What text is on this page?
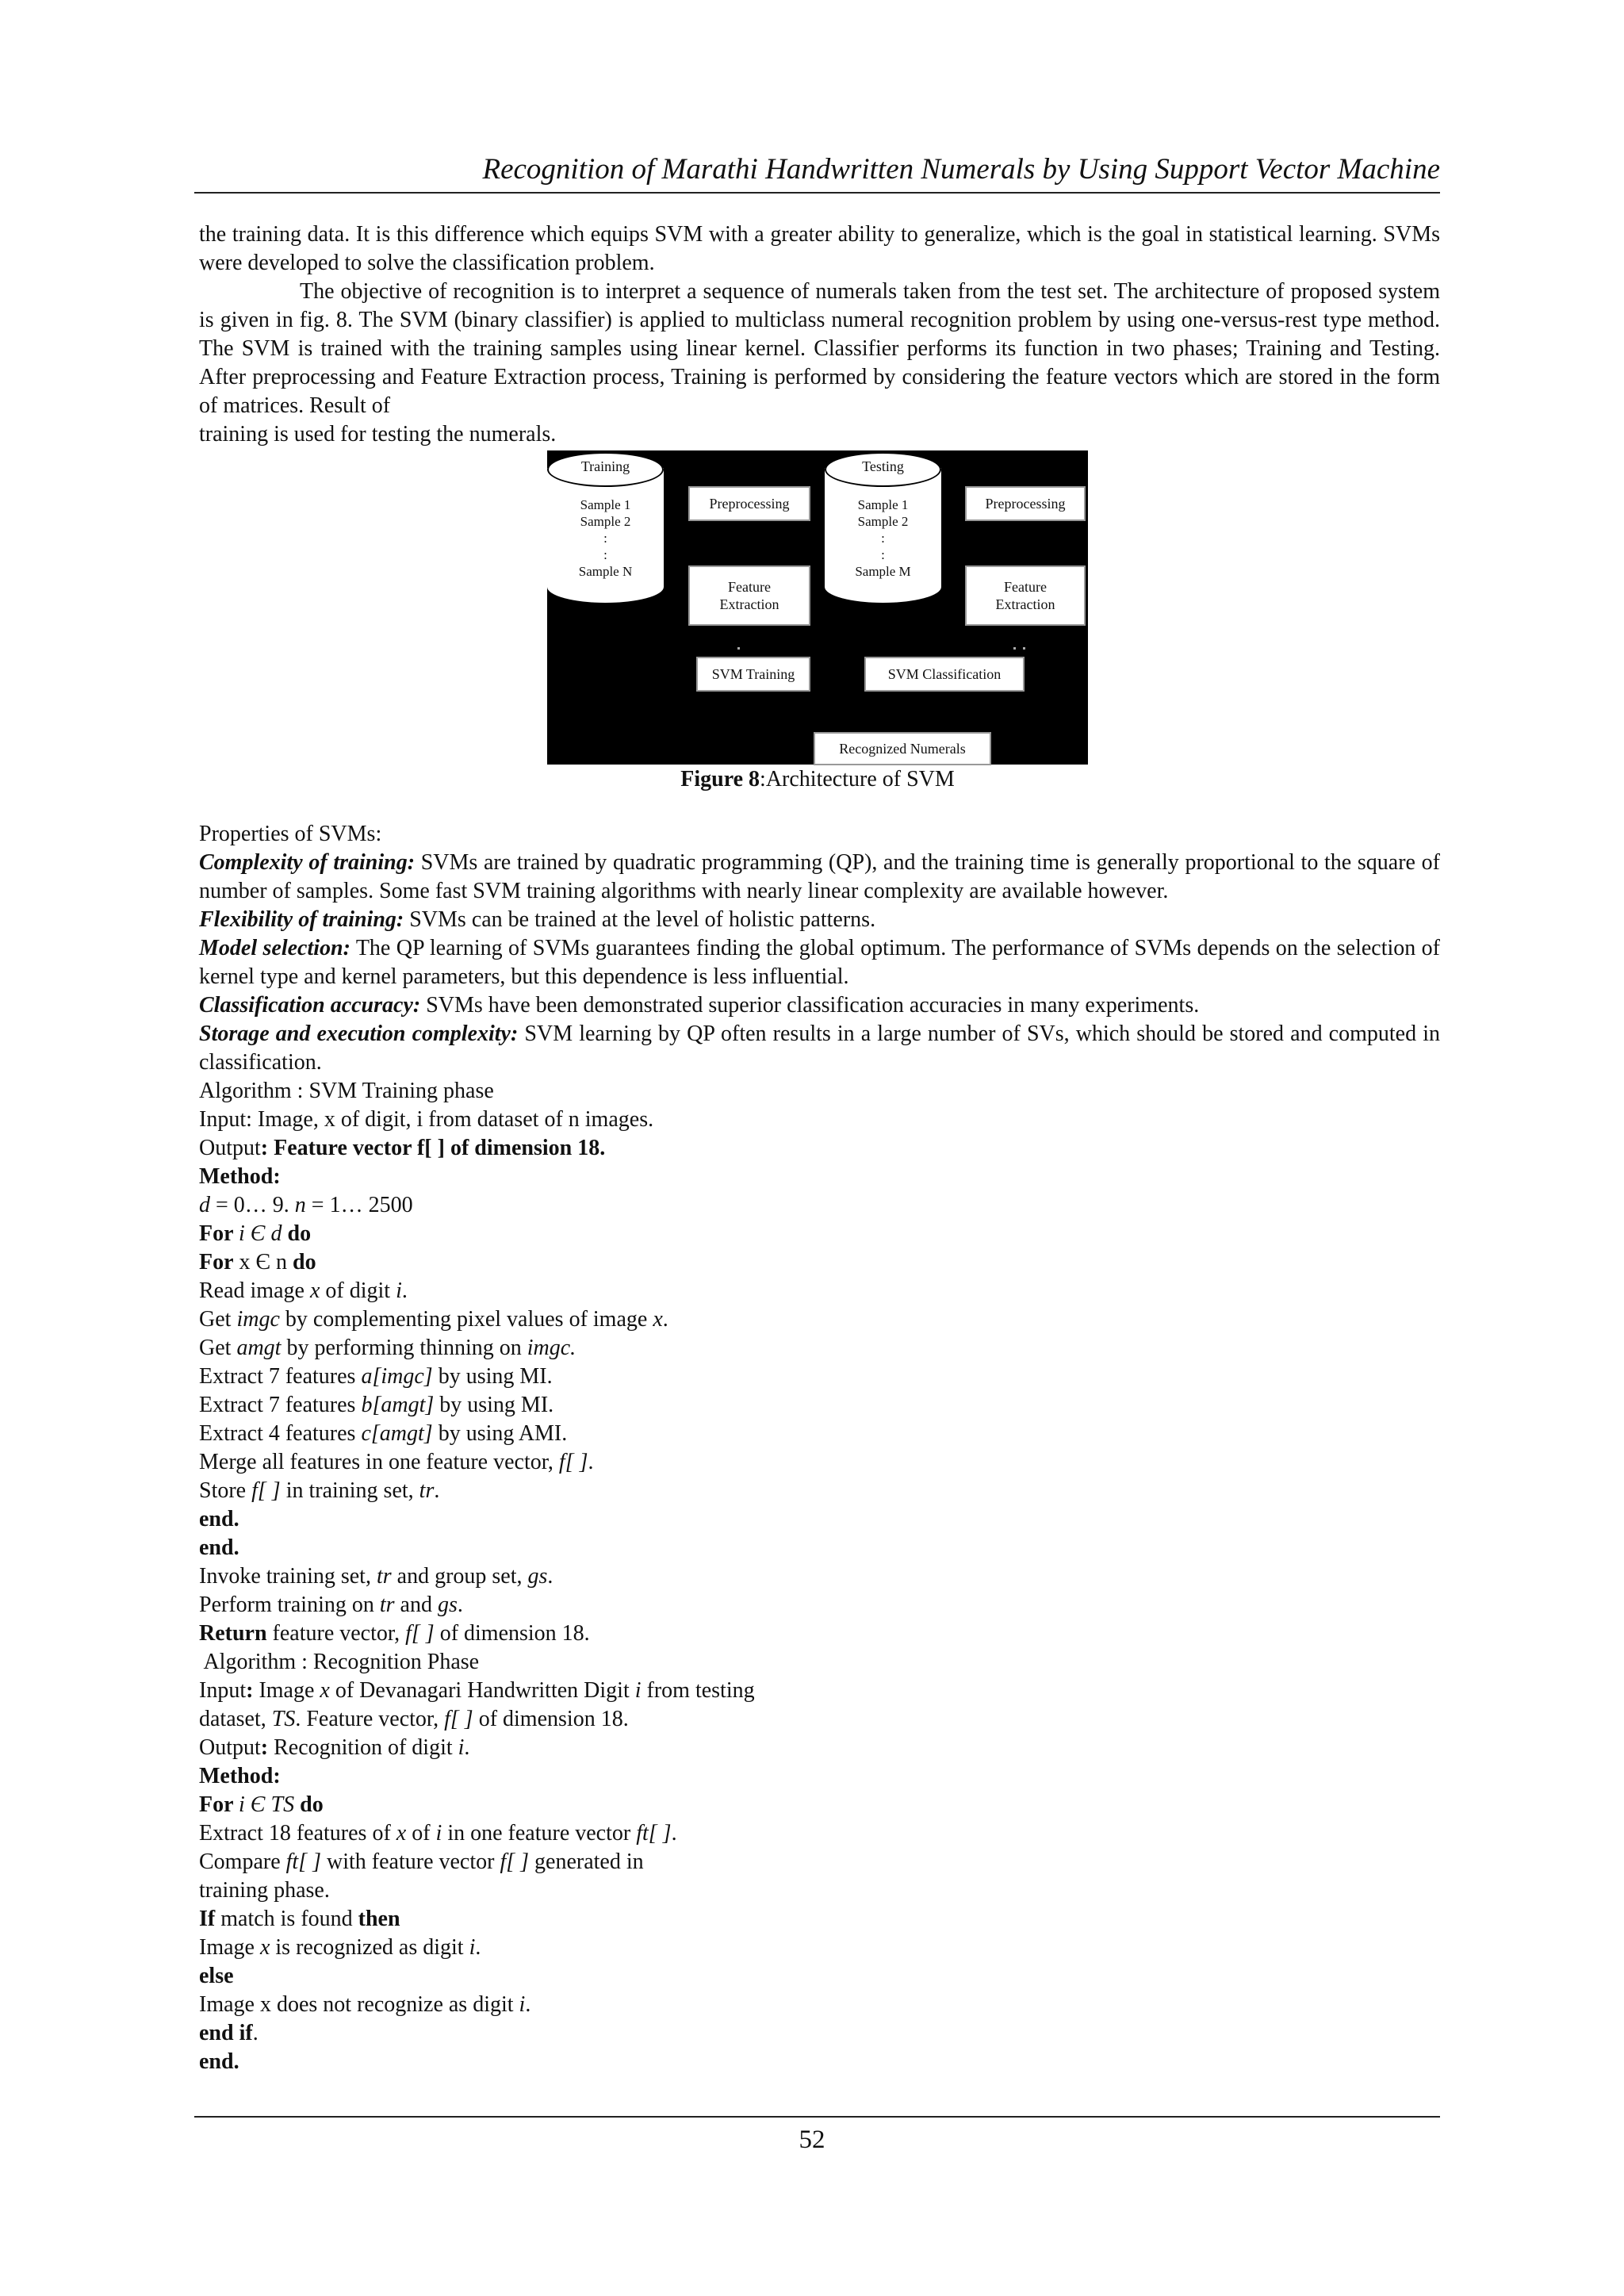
Recognition of Marathi Handwritten Numerals by Using Support Vector Machine

the training data. It is this difference which equips SVM with a greater ability to generalize, which is the goal in statistical learning. SVMs were developed to solve the classification problem.

The objective of recognition is to interpret a sequence of numerals taken from the test set. The architecture of proposed system is given in fig. 8. The SVM (binary classifier) is applied to multiclass numeral recognition problem by using one-versus-rest type method. The SVM is trained with the training samples using linear kernel. Classifier performs its function in two phases; Training and Testing. After preprocessing and Feature Extraction process, Training is performed by considering the feature vectors which are stored in the form of matrices. Result of

training is used for testing the numerals.

Training
Sample 1
Sample 2
:
:
Sample N
Preprocessing
Feature
Extraction
Testing
Sample 1
Sample 2
:
:
Sample M
Preprocessing
Feature
Extraction
SVM Training	SVM Classification
Recognized Numerals
Figure 8:Architecture of SVM

Properties of SVMs:

Complexity of training: SVMs are trained by quadratic programming (QP), and the training time is generally proportional to the square of number of samples. Some fast SVM training algorithms with nearly linear complexity are available however.

Flexibility of training: SVMs can be trained at the level of holistic patterns.

Model selection: The QP learning of SVMs guarantees finding the global optimum. The performance of SVMs depends on the selection of kernel type and kernel parameters, but this dependence is less influential.

Classification accuracy: SVMs have been demonstrated superior classification accuracies in many experiments.

Storage and execution complexity: SVM learning by QP often results in a large number of SVs, which should be stored and computed in classification.

Algorithm : SVM Training phase

Input: Image, x of digit, i from dataset of n images.

Output: Feature vector f[ ] of dimension 18.

Method:

d = 0… 9. n = 1… 2500

For i Є d do

For x Є n do

Read image x of digit i.

Get imgc by complementing pixel values of image x.

Get amgt by performing thinning on imgc.

Extract 7 features a[imgc] by using MI.

Extract 7 features b[amgt] by using MI.

Extract 4 features c[amgt] by using AMI.

Merge all features in one feature vector, f[ ].

Store f[ ] in training set, tr.

end.

end.

Invoke training set, tr and group set, gs.

Perform training on tr and gs.

Return feature vector, f[ ] of dimension 18.

Algorithm : Recognition Phase

Input: Image x of Devanagari Handwritten Digit i from testing

dataset, TS. Feature vector, f[ ] of dimension 18.

Output: Recognition of digit i.

Method:

For i Є TS do

Extract 18 features of x of i in one feature vector ft[ ].

Compare ft[ ] with feature vector f[ ] generated in

training phase.

If match is found then

Image x is recognized as digit i.

else

Image x does not recognize as digit i.

end if.

end.

52
